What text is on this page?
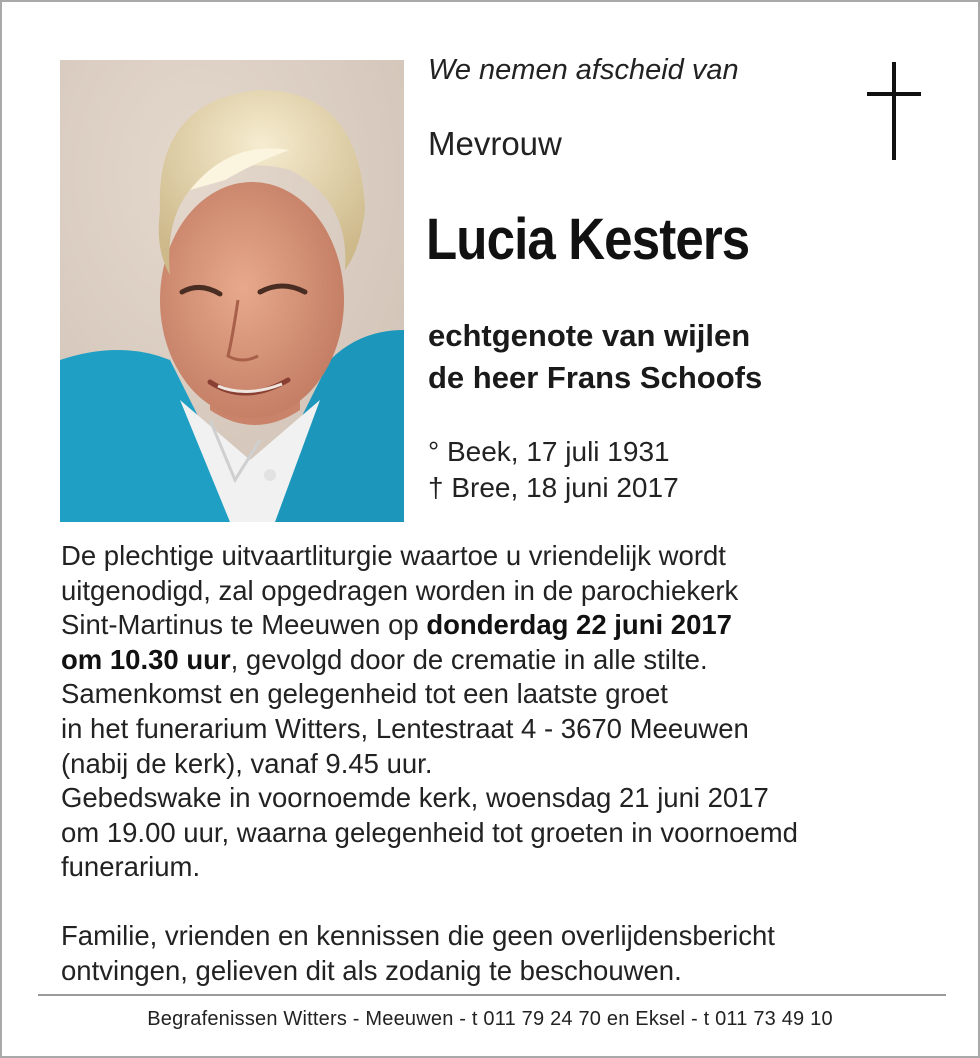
We nemen afscheid van
Mevrouw
Lucia Kesters
echtgenote van wijlen
de heer Frans Schoofs
° Beek, 17 juli 1931
† Bree, 18 juni 2017

De plechtige uitvaartliturgie waartoe u vriendelijk wordt

uitgenodigd, zal opgedragen worden in de parochiekerk

Sint-Martinus te Meeuwen op donderdag 22 juni 2017

om 10.30 uur, gevolgd door de crematie in alle stilte.

Samenkomst en gelegenheid tot een laatste groet

in het funerarium Witters, Lentestraat 4 - 3670 Meeuwen

(nabij de kerk), vanaf 9.45 uur.

Gebedswake in voornoemde kerk, woensdag 21 juni 2017

om 19.00 uur, waarna gelegenheid tot groeten in voornoemd

funerarium.

Familie, vrienden en kennissen die geen overlijdensbericht

ontvingen, gelieven dit als zodanig te beschouwen.

Begrafenissen Witters - Meeuwen - t 011 79 24 70 en Eksel - t 011 73 49 10
